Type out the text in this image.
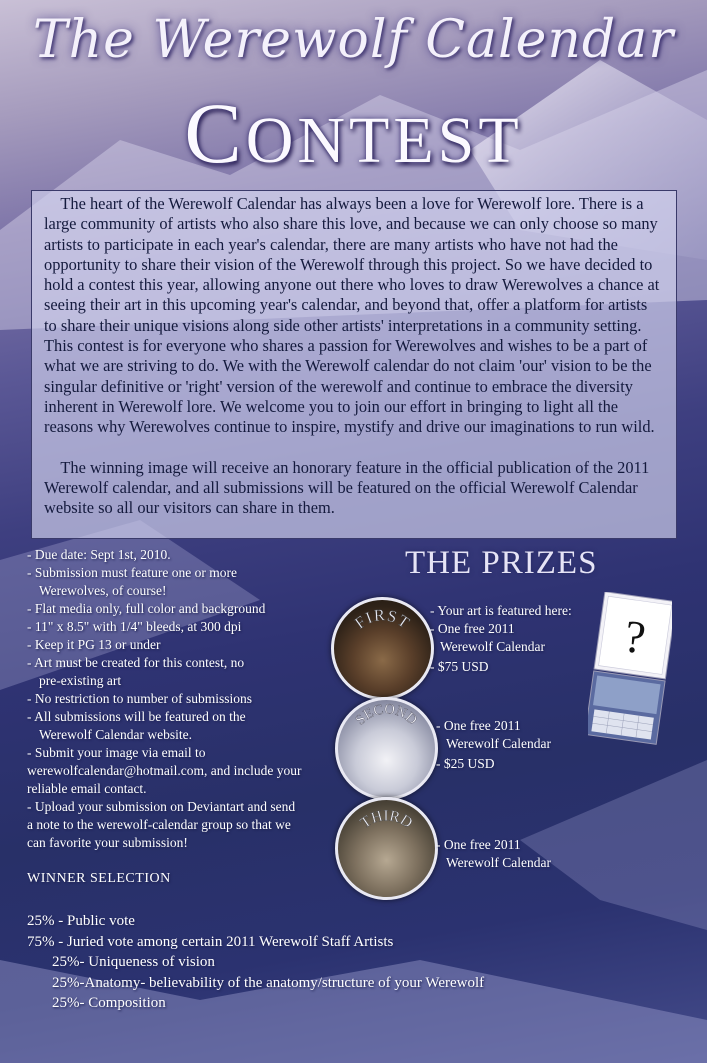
The Werewolf Calendar
CONTEST

The heart of the Werewolf Calendar has always been a love for Werewolf lore. There is a large community of artists who also share this love, and because we can only choose so many artists to participate in each year's calendar, there are many artists who have not had the opportunity to share their vision of the Werewolf through this project. So we have decided to hold a contest this year, allowing anyone out there who loves to draw Werewolves a chance at seeing their art in this upcoming year's calendar, and beyond that, offer a platform for artists to share their unique visions along side other artists' interpretations in a community setting. This contest is for everyone who shares a passion for Werewolves and wishes to be a part of what we are striving to do. We with the Werewolf calendar do not claim 'our' vision to be the singular definitive or 'right' version of the werewolf and continue to embrace the diversity inherent in Werewolf lore. We welcome you to join our effort in bringing to light all the reasons why Werewolves continue to inspire, mystify and drive our imaginations to run wild.

The winning image will receive an honorary feature in the official publication of the 2011 Werewolf calendar, and all submissions will be featured on the official Werewolf Calendar website so all our visitors can share in them.

- Due date: Sept 1st, 2010.
- Submission must feature one or more
Werewolves, of course!
- Flat media only, full color and background
- 11" x 8.5" with 1/4" bleeds, at 300 dpi
- Keep it PG 13 or under
- Art must be created for this contest, no
pre-existing art
- No restriction to number of submissions
- All submissions will be featured on the
Werewolf Calendar website.
- Submit your image via email to
werewolfcalendar@hotmail.com, and include your
reliable email contact.
- Upload your submission on Deviantart and send
a note to the werewolf-calendar group so that we
can favorite your submission!
WINNER SELECTION
25% - Public vote
75% - Juried vote among certain 2011 Werewolf Staff Artists
25%- Uniqueness of vision
25%-Anatomy- believability of the anatomy/structure of your Werewolf
25%- Composition
THE PRIZES
FIRST
- Your art is featured here:
- One free 2011
Werewolf Calendar
- $75 USD
SECOND - One free 2011
Werewolf Calendar
- $25 USD
THIRD
- One free 2011
Werewolf Calendar
?
